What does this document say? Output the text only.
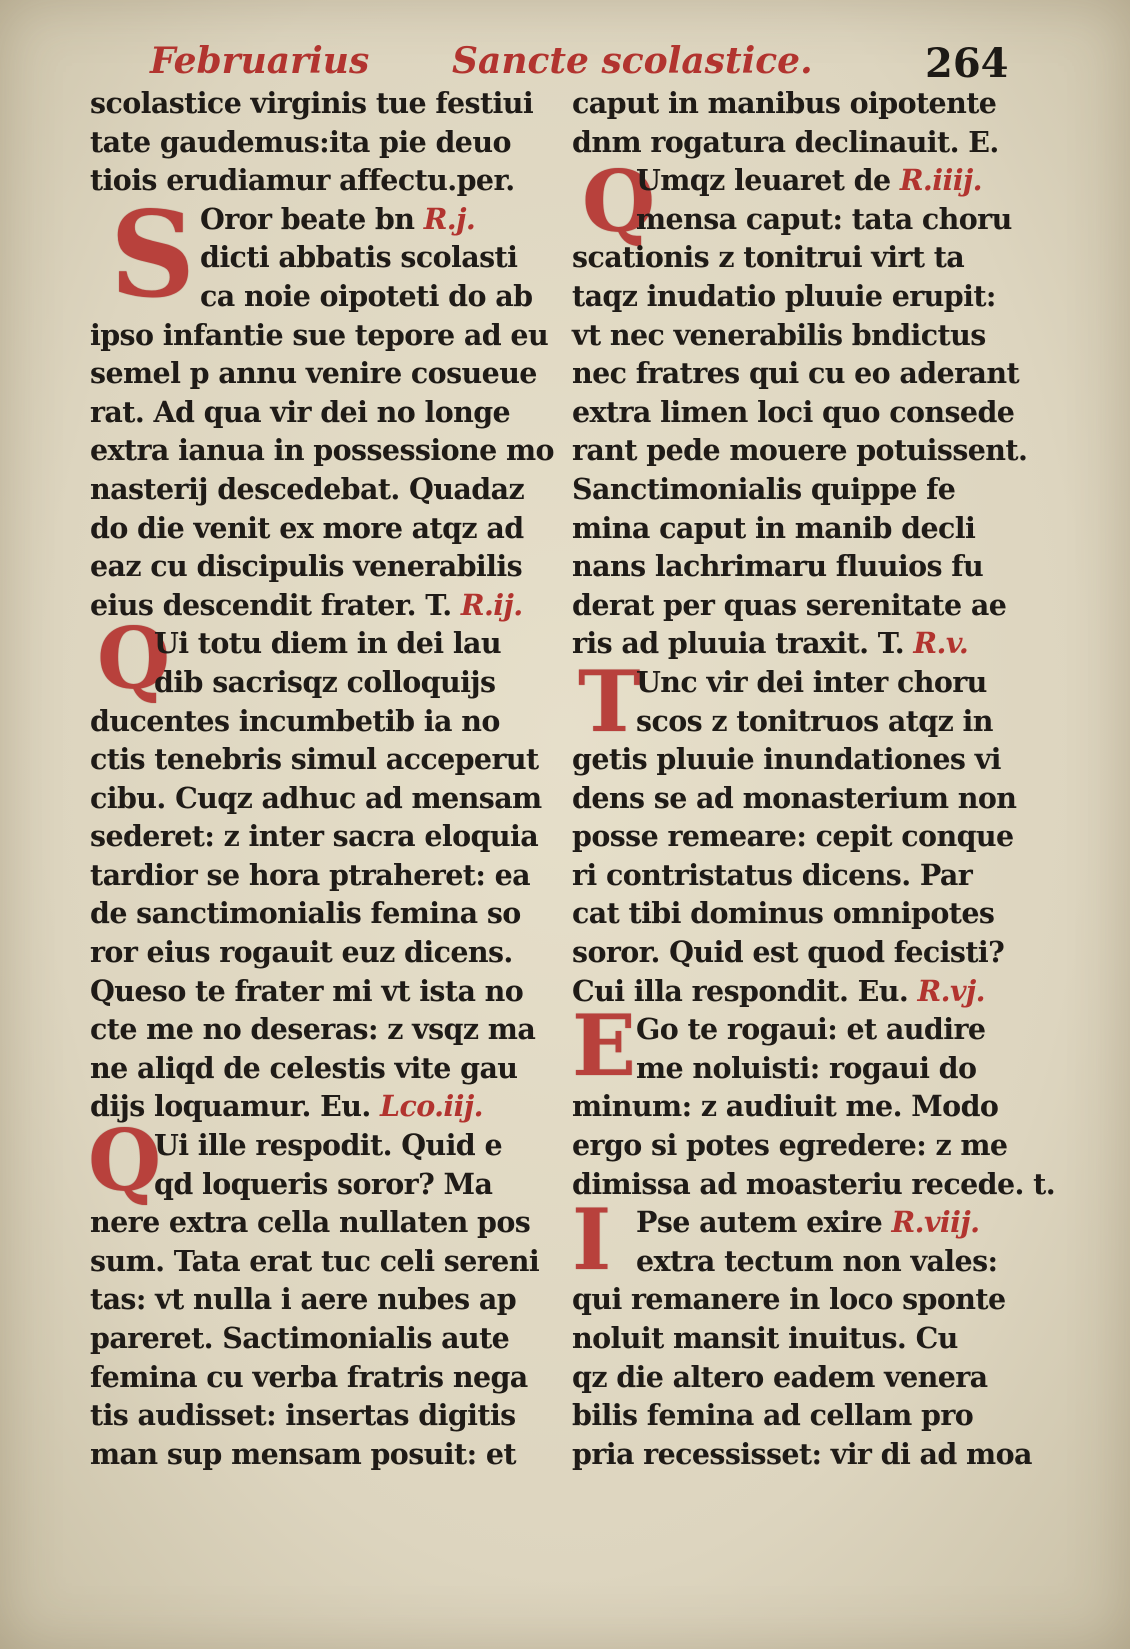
Februarius Sancte scolastice.	264
S
Q
Q
Q
T
E
I
scolastice virginis tue festiui
tate gaudemus:ita pie deuo
tiois erudiamur affectu.per.
Oror beate bn R.j.
dicti abbatis scolasti
ca noie oipoteti do ab
ipso infantie sue tepore ad eu
semel p annu venire cosueue
rat. Ad qua vir dei no longe
extra ianua in possessione mo
nasterij descedebat. Quadaz
do die venit ex more atqz ad
eaz cu discipulis venerabilis
eius descendit frater. T. R.ij.
Ui totu diem in dei lau
dib sacrisqz colloquijs
ducentes incumbetib ia no
ctis tenebris simul acceperut
cibu. Cuqz adhuc ad mensam
sederet: z inter sacra eloquia
tardior se hora ptraheret: ea
de sanctimonialis femina so
ror eius rogauit euz dicens.
Queso te frater mi vt ista no
cte me no deseras: z vsqz ma
ne aliqd de celestis vite gau
dijs loquamur. Eu. Lco.iij.
Ui ille respodit. Quid e
qd loqueris soror? Ma
nere extra cella nullaten pos
sum. Tata erat tuc celi sereni
tas: vt nulla i aere nubes ap
pareret. Sactimonialis aute
femina cu verba fratris nega
tis audisset: insertas digitis
man sup mensam posuit: et
caput in manibus oipotente
dnm rogatura declinauit. E.
Umqz leuaret de R.iiij.
mensa caput: tata choru
scationis z tonitrui virt ta
taqz inudatio pluuie erupit:
vt nec venerabilis bndictus
nec fratres qui cu eo aderant
extra limen loci quo consede
rant pede mouere potuissent.
Sanctimonialis quippe fe
mina caput in manib decli
nans lachrimaru fluuios fu
derat per quas serenitate ae
ris ad pluuia traxit. T. R.v.
Unc vir dei inter choru
scos z tonitruos atqz in
getis pluuie inundationes vi
dens se ad monasterium non
posse remeare: cepit conque
ri contristatus dicens. Par
cat tibi dominus omnipotes
soror. Quid est quod fecisti?
Cui illa respondit. Eu. R.vj.
Go te rogaui: et audire
me noluisti: rogaui do
minum: z audiuit me. Modo
ergo si potes egredere: z me
dimissa ad moasteriu recede. t.
Pse autem exire R.viij.
extra tectum non vales:
qui remanere in loco sponte
noluit mansit inuitus. Cu
qz die altero eadem venera
bilis femina ad cellam pro
pria recessisset: vir di ad moa
